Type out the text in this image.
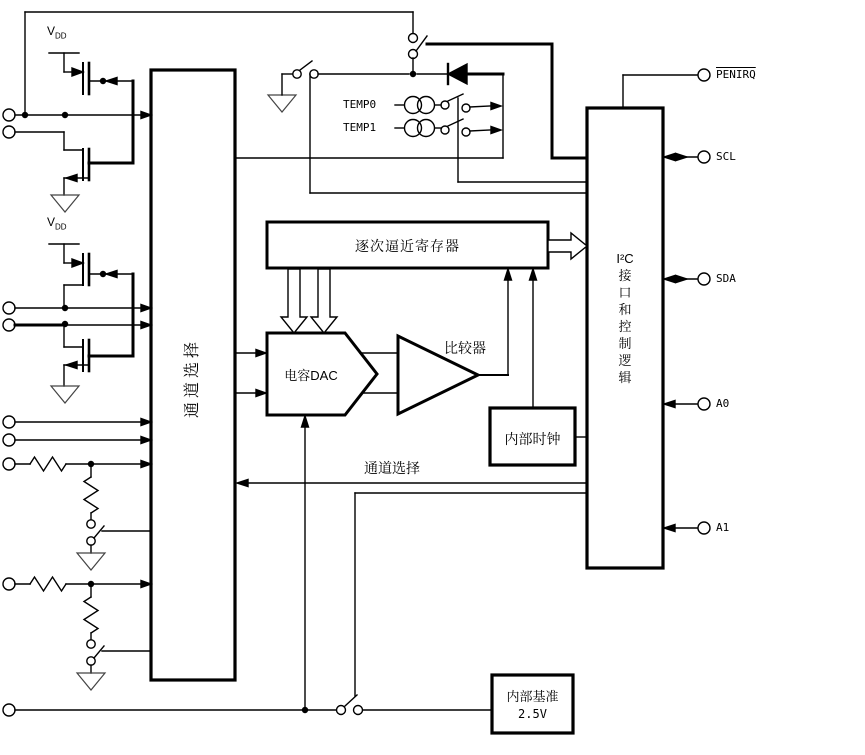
$V_{DD}$
$V_{DD}$
TEMP0
TEMP1
逐次逼近寄存器
电容DAC
比较器
内部时钟
I²C
接
口
和
控
制
逻
辑
内部基准
2.5V
通道选择
通道选择
PENIRQ
SCL
SDA
A0
A1
